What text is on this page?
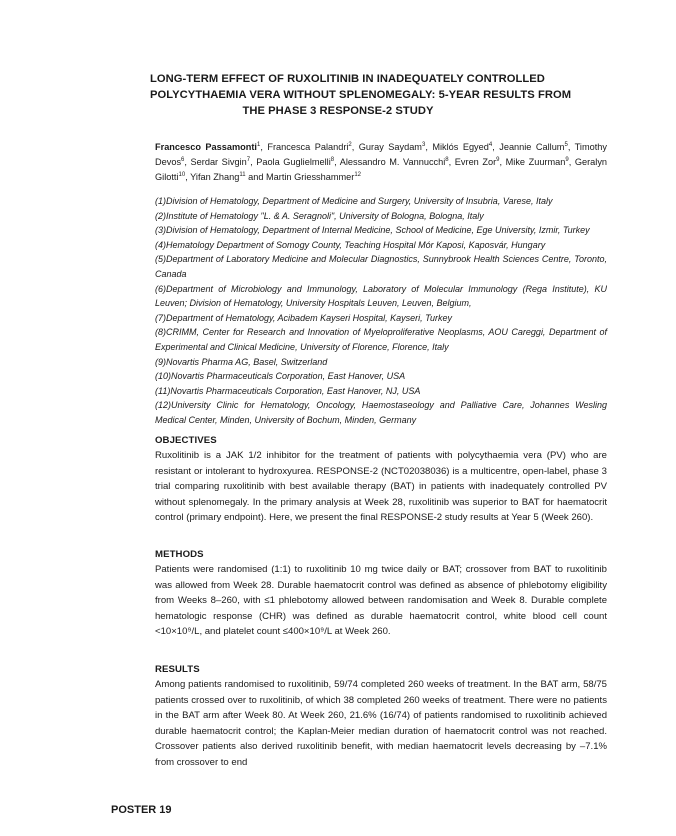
LONG-TERM EFFECT OF RUXOLITINIB IN INADEQUATELY CONTROLLED
POLYCYTHAEMIA VERA WITHOUT SPLENOMEGALY: 5-YEAR RESULTS FROM
THE PHASE 3 RESPONSE-2 STUDY
Francesco Passamonti$^1$, Francesca Palandri$^2$, Guray Saydam$^3$, Miklós Egyed$^4$, Jeannie Callum$^5$, Timothy Devos$^6$, Serdar Sivgin$^7$, Paola Guglielmelli$^8$, Alessandro M. Vannucchi$^8$, Evren Zor$^9$, Mike Zuurman$^9$, Geralyn Gilotti$^{10}$, Yifan Zhang$^{11}$ and Martin Griesshammer$^{12}$
(1)Division of Hematology, Department of Medicine and Surgery, University of Insubria, Varese, Italy
(2)Institute of Hematology "L. & A. Seragnoli", University of Bologna, Bologna, Italy
(3)Division of Hematology, Department of Internal Medicine, School of Medicine, Ege University, Izmir, Turkey
(4)Hematology Department of Somogy County, Teaching Hospital Mór Kaposi, Kaposvár, Hungary
(5)Department of Laboratory Medicine and Molecular Diagnostics, Sunnybrook Health Sciences Centre, Toronto, Canada
(6)Department of Microbiology and Immunology, Laboratory of Molecular Immunology (Rega Institute), KU Leuven; Division of Hematology, University Hospitals Leuven, Leuven, Belgium,
(7)Department of Hematology, Acibadem Kayseri Hospital, Kayseri, Turkey
(8)CRIMM, Center for Research and Innovation of Myeloproliferative Neoplasms, AOU Careggi, Department of Experimental and Clinical Medicine, University of Florence, Florence, Italy
(9)Novartis Pharma AG, Basel, Switzerland
(10)Novartis Pharmaceuticals Corporation, East Hanover, USA
(11)Novartis Pharmaceuticals Corporation, East Hanover, NJ, USA
(12)University Clinic for Hematology, Oncology, Haemostaseology and Palliative Care, Johannes Wesling Medical Center, Minden, University of Bochum, Minden, Germany
OBJECTIVES
Ruxolitinib is a JAK 1/2 inhibitor for the treatment of patients with polycythaemia vera (PV) who are resistant or intolerant to hydroxyurea. RESPONSE-2 (NCT02038036) is a multicentre, open-label, phase 3 trial comparing ruxolitinib with best available therapy (BAT) in patients with inadequately controlled PV without splenomegaly. In the primary analysis at Week 28, ruxolitinib was superior to BAT for haematocrit control (primary endpoint). Here, we present the final RESPONSE-2 study results at Year 5 (Week 260).
METHODS
Patients were randomised (1:1) to ruxolitinib 10 mg twice daily or BAT; crossover from BAT to ruxolitinib was allowed from Week 28. Durable haematocrit control was defined as absence of phlebotomy eligibility from Weeks 8–260, with ≤1 phlebotomy allowed between randomisation and Week 8. Durable complete hematologic response (CHR) was defined as durable haematocrit control, white blood cell count <10×10⁹/L, and platelet count ≤400×10⁹/L at Week 260.
RESULTS
Among patients randomised to ruxolitinib, 59/74 completed 260 weeks of treatment. In the BAT arm, 58/75 patients crossed over to ruxolitinib, of which 38 completed 260 weeks of treatment. There were no patients in the BAT arm after Week 80. At Week 260, 21.6% (16/74) of patients randomised to ruxolitinib achieved durable haematocrit control; the Kaplan-Meier median duration of haematocrit control was not reached. Crossover patients also derived ruxolitinib benefit, with median haematocrit levels decreasing by –7.1% from crossover to end
POSTER 19
